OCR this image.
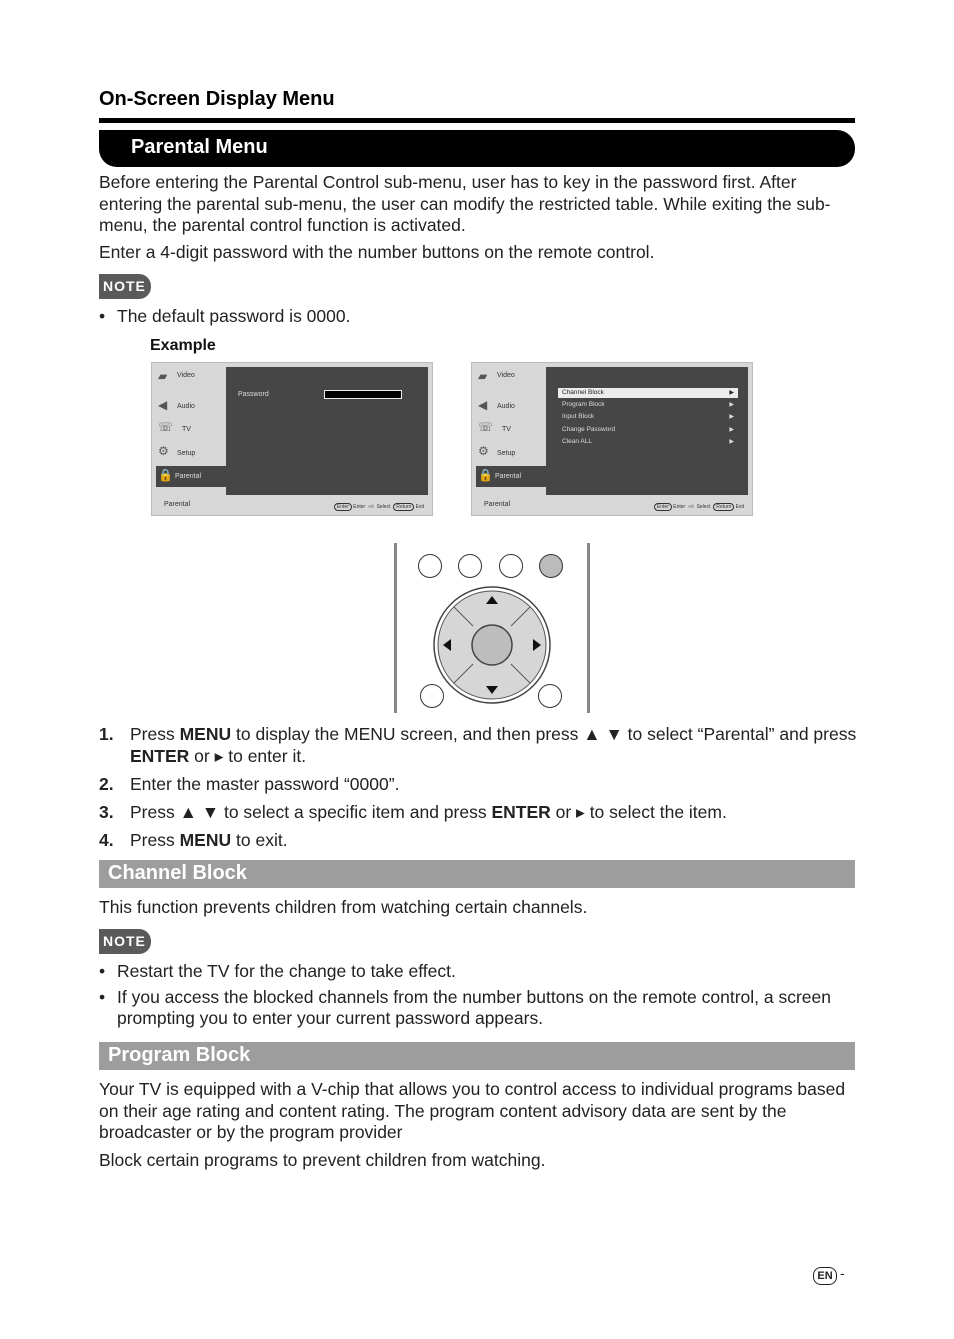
On-Screen Display Menu
Parental Menu
Before entering the Parental Control sub-menu, user has to key in the password first. After entering the parental sub-menu, the user can modify the restricted table. While exiting the sub-menu, the parental control function is activated.
Enter a 4-digit password with the number buttons on the remote control.
NOTE
• The default password is 0000.
Example
▰	Video
◀	Audio
☏ TV
⚙	Setup
🔒 Parental
Password
Parental	Enter Enter  ‹›◊  Select Return Exit
▰	Video
◀	Audio
☏ TV
⚙	Setup
🔒 Parental
Channel Block	▶
Program Block	▶
Input Block	▶
Change Password	▶
Clean ALL	▶
Parental	Enter Enter  ‹›◊  Select Return Exit
1. Press MENU to display the MENU screen, and then press ▲ ▼ to select “Parental” and press ENTER or ▸ to enter it.
2. Enter the master password “0000”.
3. Press ▲ ▼ to select a specific item and press ENTER or ▸ to select the item.
4. Press MENU to exit.
Channel Block
This function prevents children from watching certain channels.
NOTE
• Restart the TV for the change to take effect.
• If you access the blocked channels from the number buttons on the remote control, a screen prompting you to enter your current password appears.
Program Block
Your TV is equipped with a V-chip that allows you to control access to individual programs based on their age rating and content rating. The program content advisory data are sent by the broadcaster or by the program provider
Block certain programs to prevent children from watching.
EN -
